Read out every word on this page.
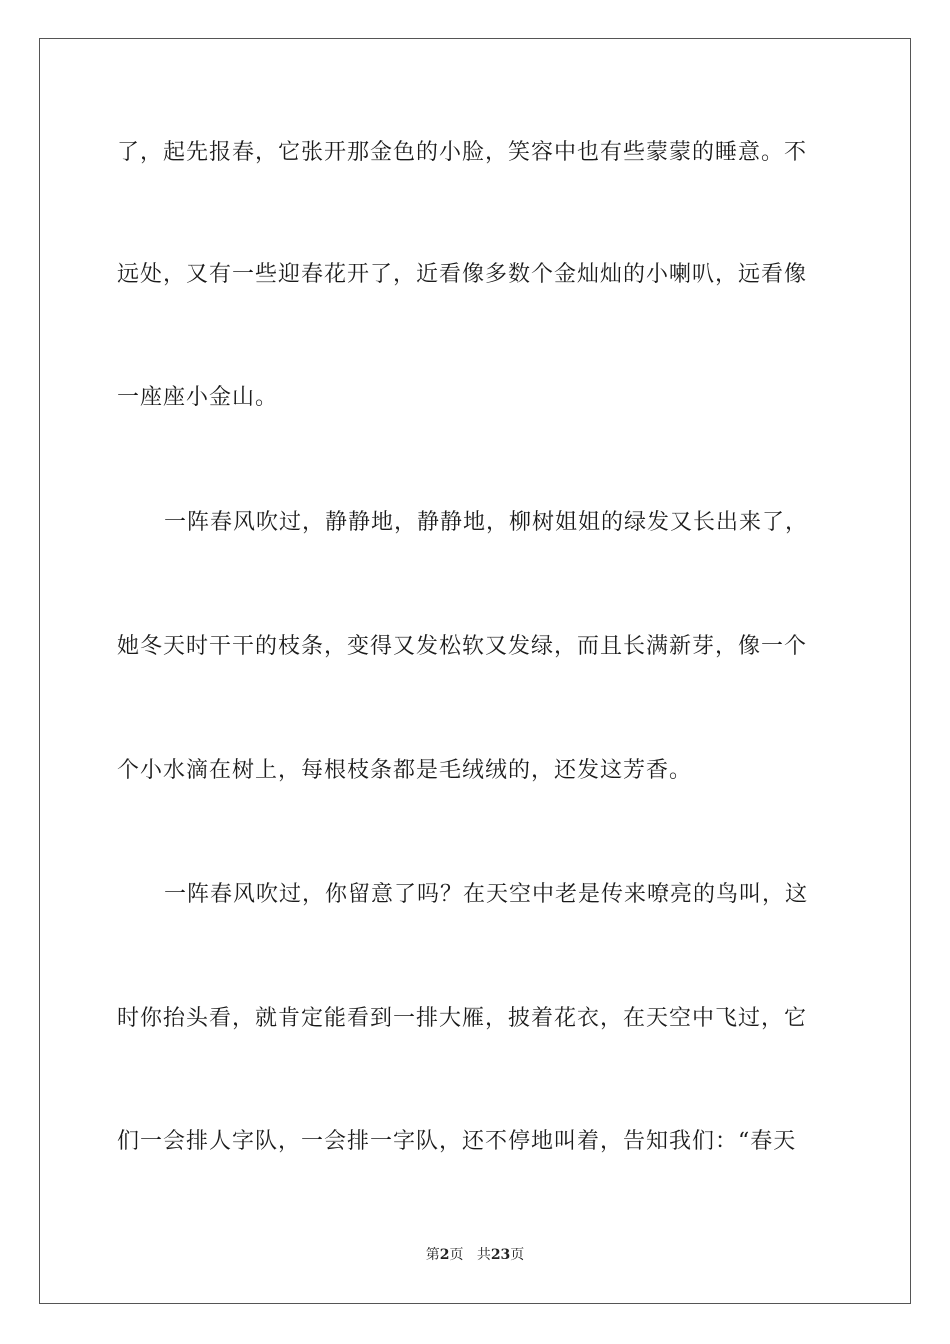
了，起先报春，它张开那金色的小脸，笑容中也有些蒙蒙的睡意。不
远处，又有一些迎春花开了，近看像多数个金灿灿的小喇叭，远看像
一座座小金山。
一阵春风吹过，静静地，静静地，柳树姐姐的绿发又长出来了，
她冬天时干干的枝条，变得又发松软又发绿，而且长满新芽，像一个
个小水滴在树上，每根枝条都是毛绒绒的，还发这芳香。
一阵春风吹过，你留意了吗？在天空中老是传来嘹亮的鸟叫，这
时你抬头看，就肯定能看到一排大雁，披着花衣，在天空中飞过，它
们一会排人字队，一会排一字队，还不停地叫着，告知我们：“春天
第2页 共23页
